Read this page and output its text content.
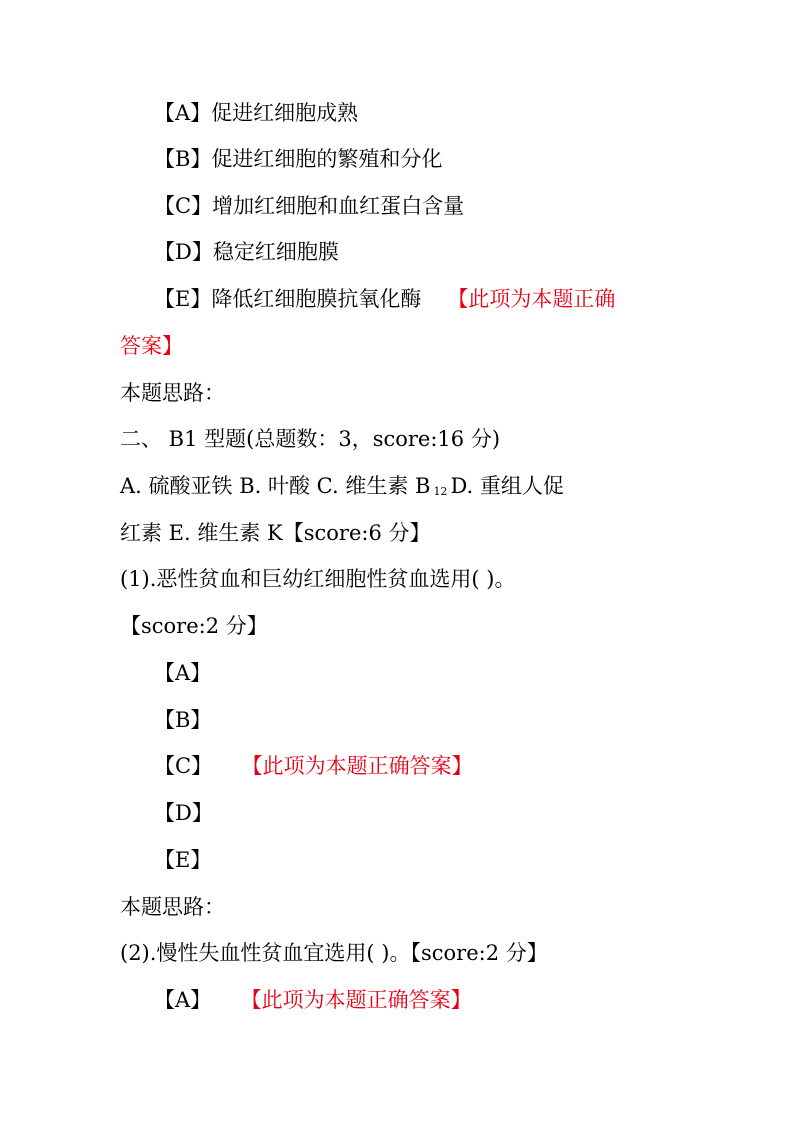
【A】促进红细胞成熟
【B】促进红细胞的繁殖和分化
【C】增加红细胞和血红蛋白含量
【D】稳定红细胞膜
【E】降低红细胞膜抗氧化酶 【此项为本题正确
答案】
本题思路：
二、 B1 型题(总题数：3，score:16 分)
A. 硫酸亚铁 B. 叶酸 C. 维生素 B 12 D. 重组人促
红素 E. 维生素 K【score:6 分】
(1).恶性贫血和巨幼红细胞性贫血选用( )。
【score:2 分】
【A】
【B】
【C】 【此项为本题正确答案】
【D】
【E】
本题思路：
(2).慢性失血性贫血宜选用( )。【score:2 分】
【A】 【此项为本题正确答案】
